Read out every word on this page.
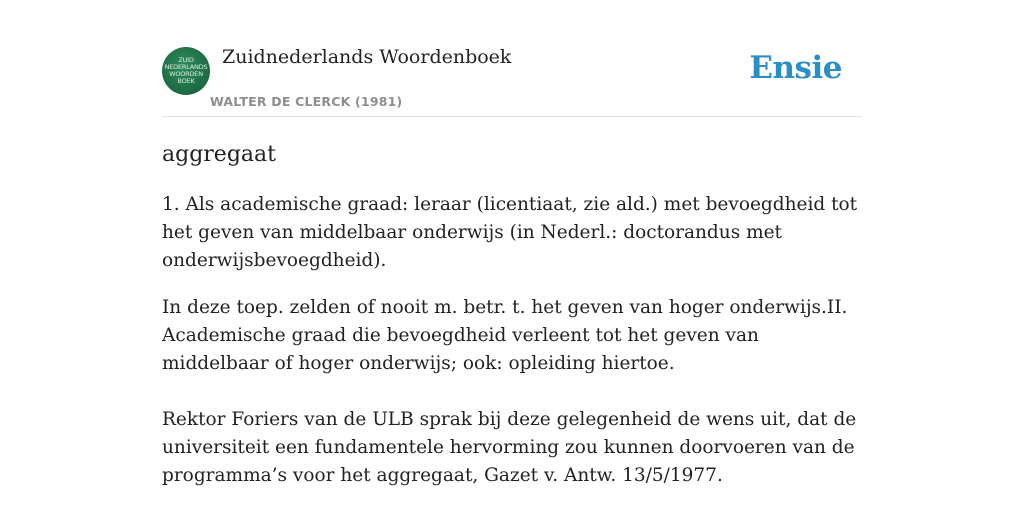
ZUID
NEDERLANDS
WOORDEN
BOEK
Zuidnederlands Woordenboek
WALTER DE CLERCK (1981)
Ensie
aggregaat

1. Als academische graad: leraar (licentiaat, zie ald.) met bevoegdheid tot het geven van middelbaar onderwijs (in Nederl.: doctorandus met onderwijsbevoegdheid).

In deze toep. zelden of nooit m. betr. t. het geven van hoger onderwijs.II. Academische graad die bevoegdheid verleent tot het geven van middelbaar of hoger onderwijs; ook: opleiding hiertoe.

Rektor Foriers van de ULB sprak bij deze gelegenheid de wens uit, dat de universiteit een fundamentele hervorming zou kunnen doorvoeren van de programma’s voor het aggregaat, Gazet v. Antw. 13/5/1977.
